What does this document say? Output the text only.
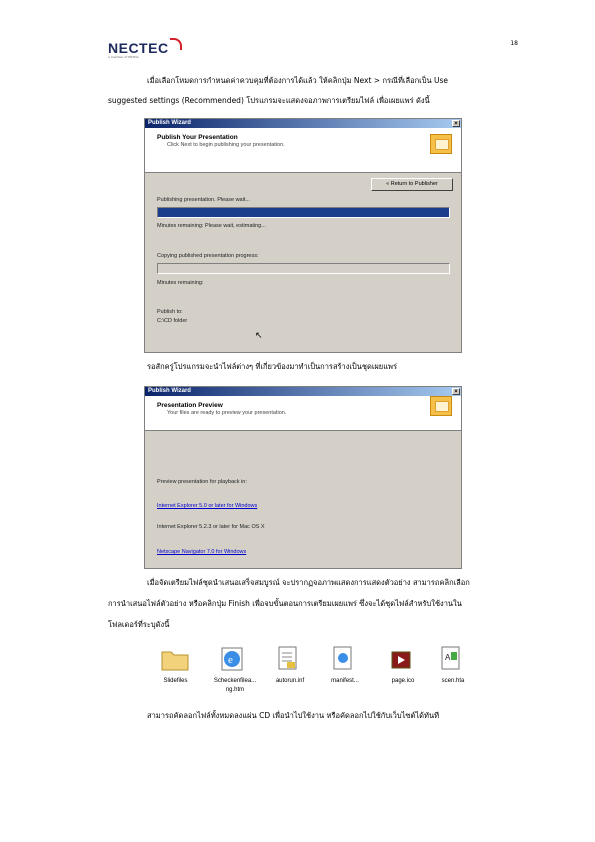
NECTEC
a member of NSTDA
18
เมื่อเลือกโหมดการกำหนดค่าควบคุมที่ต้องการได้แล้ว ให้คลิกปุ่ม Next > กรณีที่เลือกเป็น Use
suggested settings (Recommended) โปรแกรมจะแสดงจอภาพการเตรียมไฟล์ เพื่อเผยแพร่ ดังนี้
Publish Wizard	×
Publish Your Presentation
Click Next to begin publishing your presentation.
« Return to Publisher
Publishing presentation. Please wait...
Minutes remaining: Please wait, estimating...
Copying published presentation progress:
Minutes remaining:
Publish to:
C:\CD folder
↖
รอสักครู่โปรแกรมจะนำไฟล์ต่างๆ ที่เกี่ยวข้องมาทำเป็นการสร้างเป็นชุดเผยแพร่
Publish Wizard	×
Presentation Preview
Your files are ready to preview your presentation.
Preview presentation for playback in:
Internet Explorer 5.0 or later for Windows
Internet Explorer 5.2.3 or later for Mac OS X
Netscape Navigator 7.0 for Windows
เมื่อจัดเตรียมไฟล์ชุดนำเสนอเสร็จสมบูรณ์ จะปรากฏจอภาพแสดงการแสดงตัวอย่าง สามารถคลิกเลือก
การนำเสนอไฟล์ตัวอย่าง หรือคลิกปุ่ม Finish เพื่อจบขั้นตอนการเตรียมเผยแพร่ ซึ่งจะได้ชุดไฟล์สำหรับใช้งานใน
โฟลเดอร์ที่ระบุดังนี้
e	A
Slidefiles	Scheckenfilea...
ng.htm
autorun.inf	manifest...	page.ico	scen.hta
สามารถคัดลอกไฟล์ทั้งหมดลงแผ่น CD เพื่อนำไปใช้งาน หรือคัดลอกไปใช้กับเว็บไซต์ได้ทันที
